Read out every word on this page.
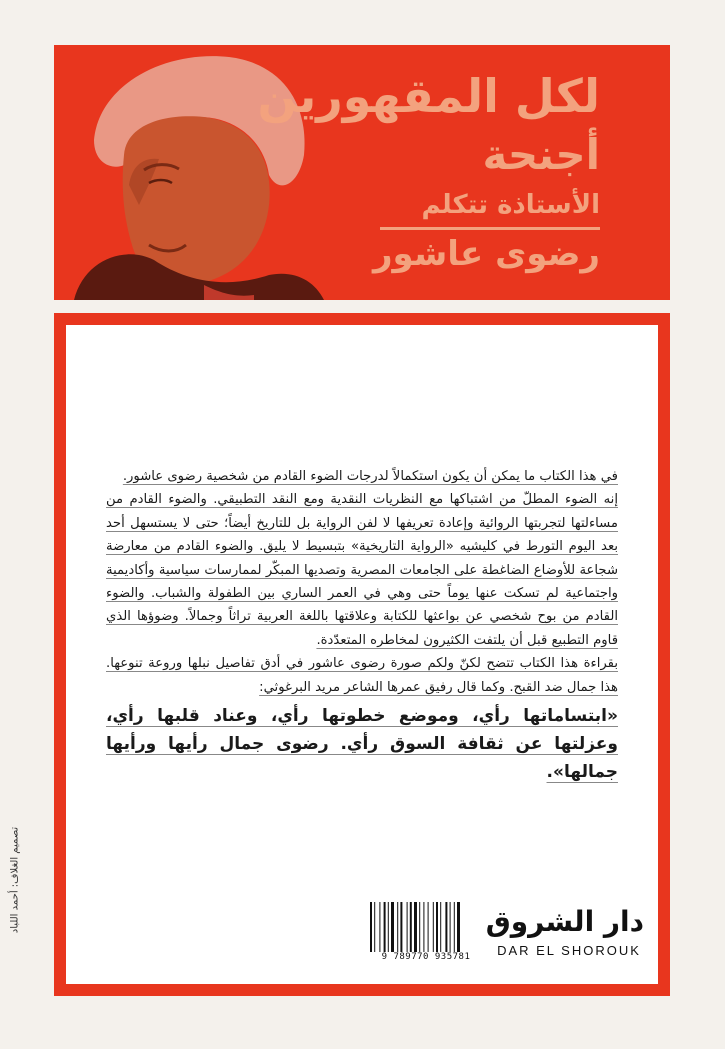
لكل المقهورين
أجنحة
الأستاذة تتكلم
رضوى عاشور

في هذا الكتاب ما يمكن أن يكون استكمالاً لدرجات الضوء القادم من شخصية رضوى عاشور.

إنه الضوء المطلّ من اشتباكها مع النظريات النقدية ومع النقد التطبيقي. والضوء القادم من مساءلتها لتجربتها الروائية وإعادة تعريفها لا لفن الرواية بل للتاريخ أيضاً؛ حتى لا يستسهل أحد بعد اليوم التورط في كليشيه «الرواية التاريخية» بتبسيط لا يليق. والضوء القادم من معارضة شجاعة للأوضاع الضاغطة على الجامعات المصرية وتصديها المبكّر لممارسات سياسية وأكاديمية واجتماعية لم تسكت عنها يوماً حتى وهي في العمر الساري بين الطفولة والشباب. والضوء القادم من بوح شخصي عن بواعثها للكتابة وعلاقتها باللغة العربية تراثاً وجمالاً. وضوؤها الذي قاوم التطبيع قبل أن يلتفت الكثيرون لمخاطره المتعدّدة.

بقراءة هذا الكتاب تتضح لكنّ ولكم صورة رضوى عاشور في أدق تفاصيل نبلها وروعة تنوعها. هذا جمال ضد القبح. وكما قال رفيق عمرها الشاعر مريد البرغوثي:

«ابتساماتها رأي، وموضع خطوتها رأي، وعناد قلبها رأي، وعزلتها عن ثقافة السوق رأي. رضوى جمال رأيها ورأيها جمالها».

9 789770 935781
دار الشروق
DAR EL SHOROUK
تصميم الغلاف: أحمد اللباد
